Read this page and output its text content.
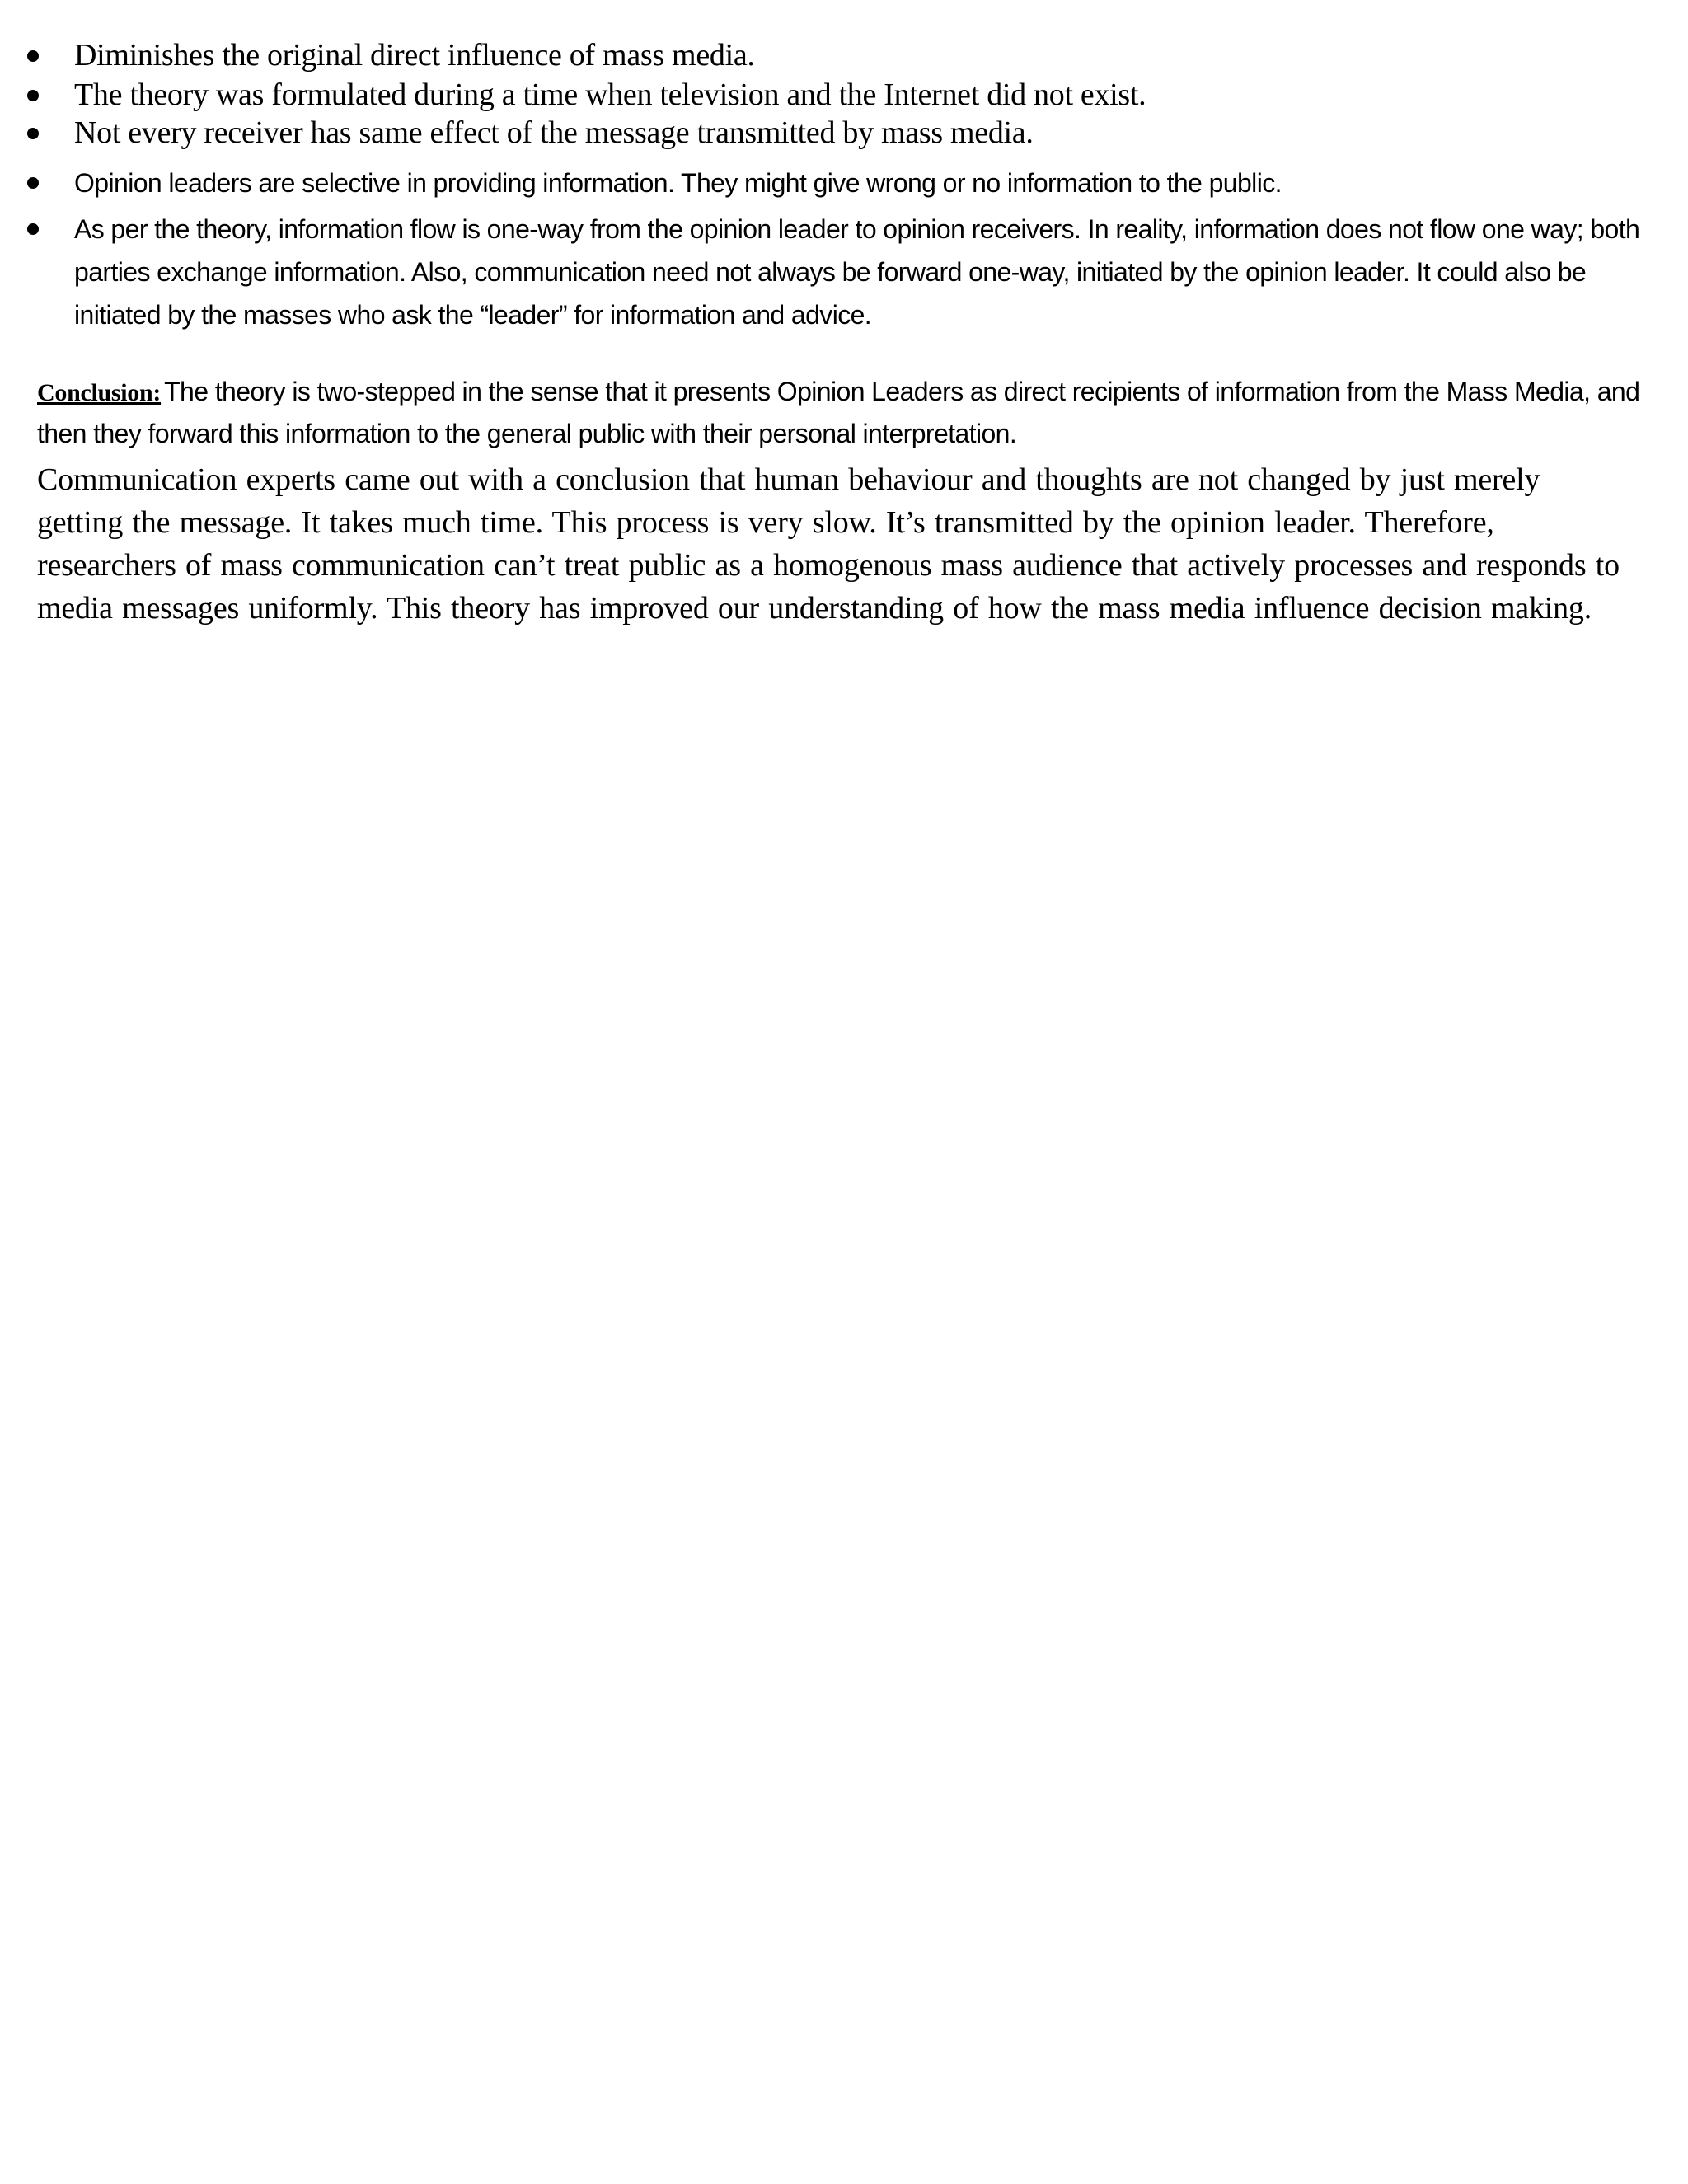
Diminishes the original direct influence of mass media.
The theory was formulated during a time when television and the Internet did not exist.
Not every receiver has same effect of the message transmitted by mass media.
Opinion leaders are selective in providing information. They might give wrong or no information to the public.
As per the theory, information flow is one-way from the opinion leader to opinion receivers. In reality, information does not flow one way; both parties exchange information. Also, communication need not always be forward one-way, initiated by the opinion leader. It could also be initiated by the masses who ask the “leader” for information and advice.
Conclusion: The theory is two-stepped in the sense that it presents Opinion Leaders as direct recipients of information from the Mass Media, and then they forward this information to the general public with their personal interpretation.
Communication experts came out with a conclusion that human behaviour and thoughts are not changed by just merely getting the message. It takes much time. This process is very slow. It’s transmitted by the opinion leader. Therefore, researchers of mass communication can’t treat public as a homogenous mass audience that actively processes and responds to media messages uniformly. This theory has improved our understanding of how the mass media influence decision making.
